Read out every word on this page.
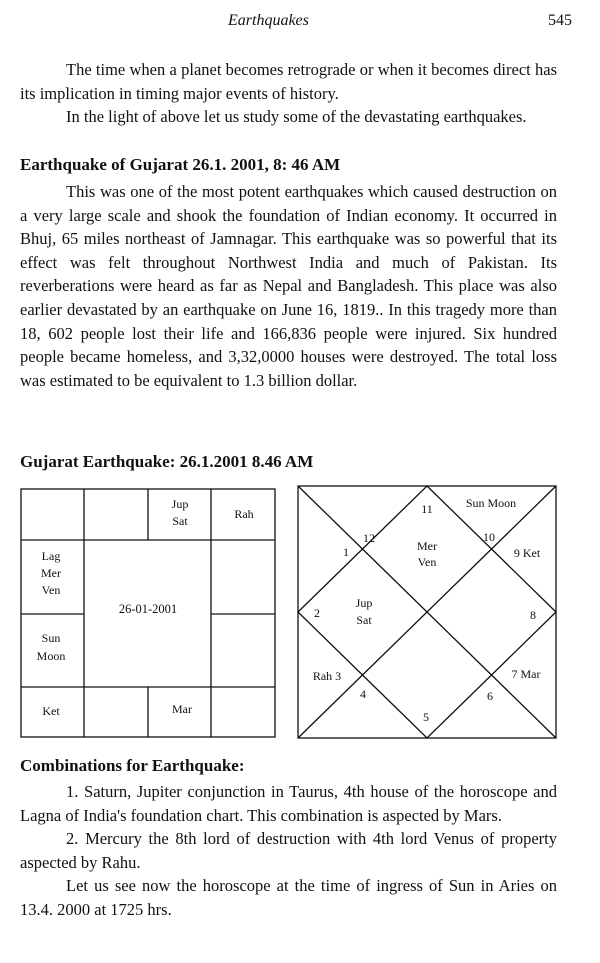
Earthquakes	545

The time when a planet becomes retrograde or when it becomes direct has its implication in timing major events of history.

In the light of above let us study some of the devastating earthquakes.

Earthquake of Gujarat 26.1. 2001, 8: 46 AM

This was one of the most potent earthquakes which caused destruction on a very large scale and shook the foundation of Indian economy. It occurred in Bhuj, 65 miles northeast of Jamnagar. This earthquake was so powerful that its effect was felt throughout Northwest India and much of Pakistan. Its reverberations were heard as far as Nepal and Bangladesh. This place was also earlier devastated by an earthquake on June 16, 1819.. In this tragedy more than 18, 602 people lost their life and 166,836 people were injured. Six hundred people became homeless, and 3,32,0000 houses were destroyed. The total loss was estimated to be equivalent to 1.3 billion dollar.

Gujarat Earthquake: 26.1.2001 8.46 AM
Jup
Sat	Rah
Lag
Mer
Ven
26-01-2001
Sun
Moon
Ket	Mar
Sun Moon
11
12	10
1	Mer
Ven
9 Ket
2
Jup
Sat	8
Rah 3	7 Mar
4	6
5
Combinations for Earthquake:

1. Saturn, Jupiter conjunction in Taurus, 4th house of the horoscope and Lagna of India's foundation chart. This combination is aspected by Mars.

2. Mercury the 8th lord of destruction with 4th lord Venus of property aspected by Rahu.

Let us see now the horoscope at the time of ingress of Sun in Aries on 13.4. 2000 at 1725 hrs.
